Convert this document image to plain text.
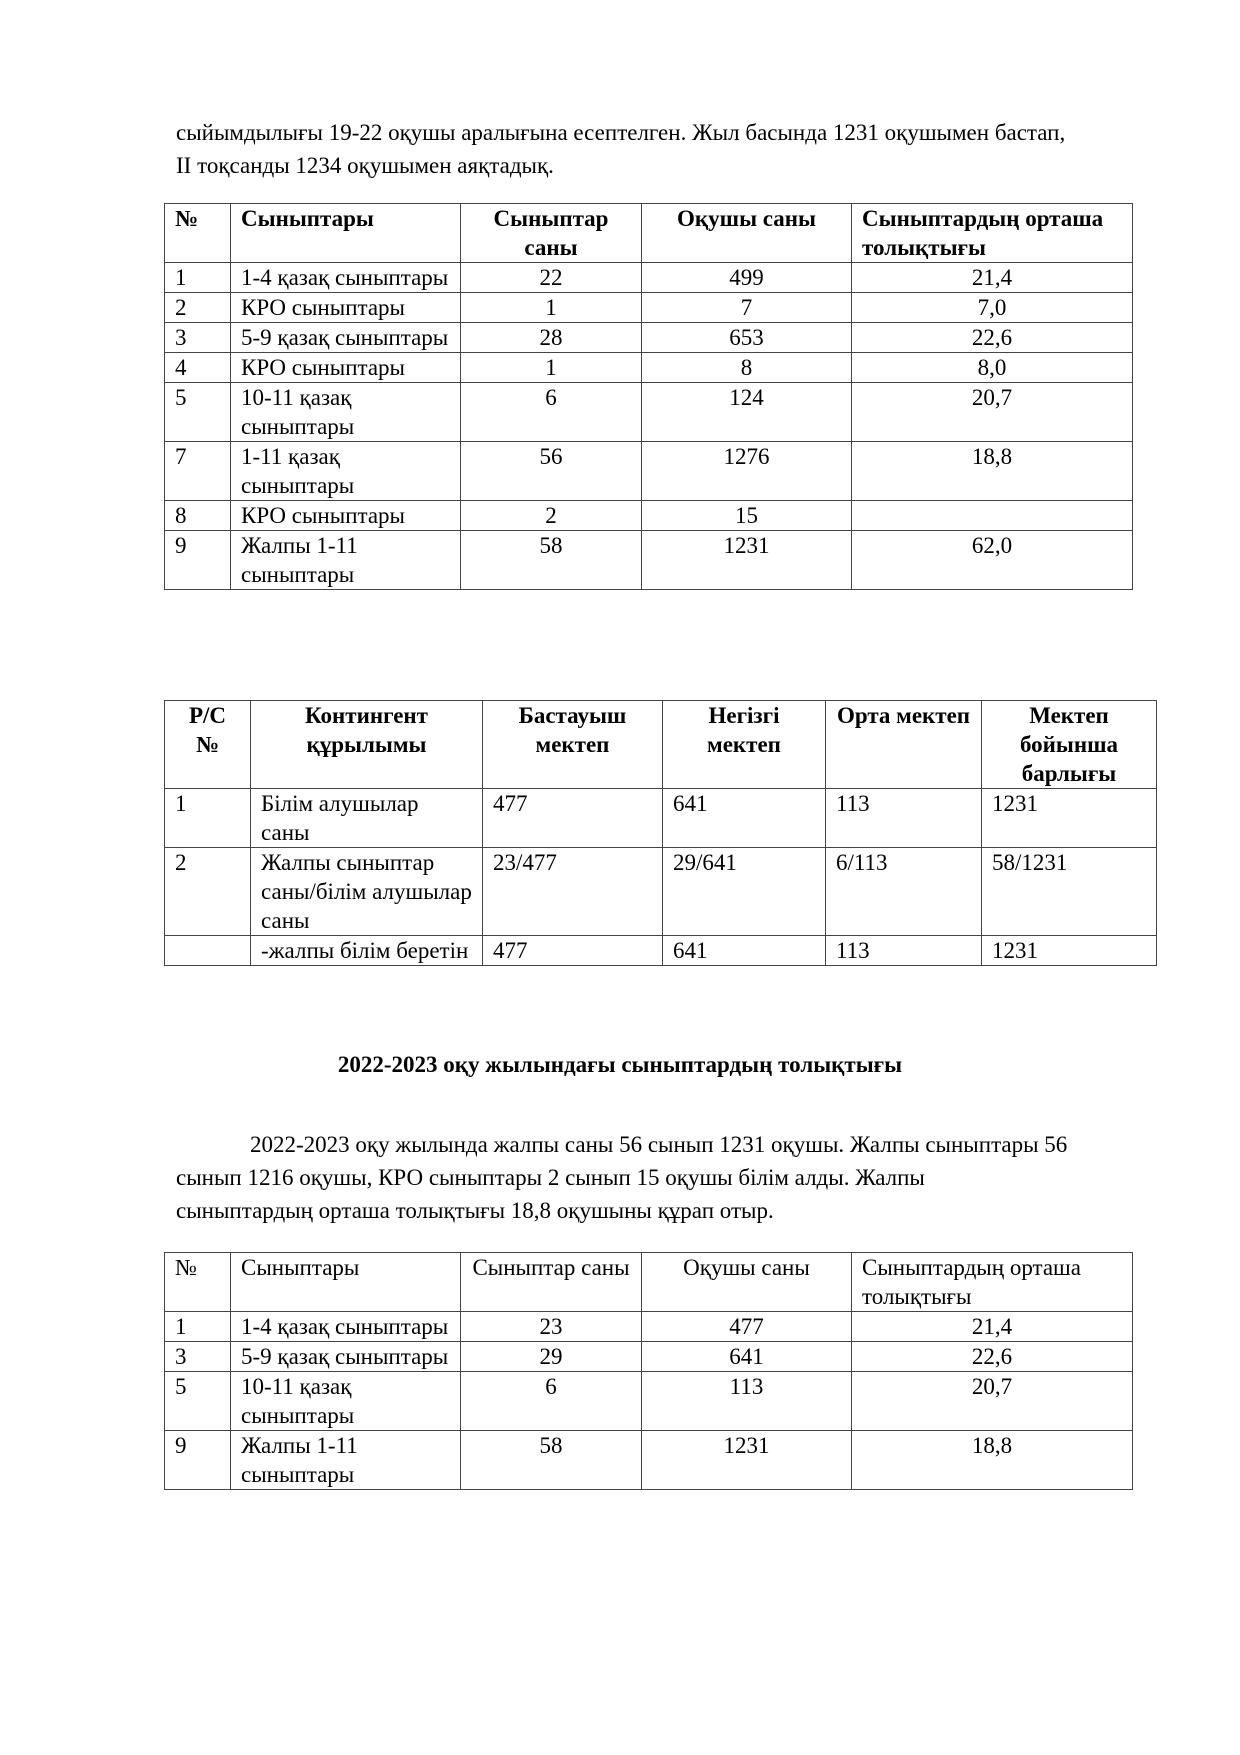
сыйымдылығы 19-22 оқушы аралығына есептелген. Жыл басында 1231 оқушымен бастап,

ІІ тоқсанды 1234 оқушымен аяқтадық.

№	Сыныптары	Сыныптар саны	Оқушы саны	Сыныптардың орташа толықтығы
1	1-4 қазақ сыныптары	22	499	21,4
2	КРО сыныптары	1	7	7,0
3	5-9 қазақ сыныптары	28	653	22,6
4	КРО сыныптары	1	8	8,0
5	10-11 қазақ сыныптары	6	124	20,7
7	1-11 қазақ сыныптары	56	1276	18,8
8	КРО сыныптары	2	15	
9	Жалпы 1-11 сыныптары	58	1231	62,0
Р/С №	Контингент құрылымы	Бастауыш мектеп	Негізгі мектеп	Орта мектеп	Мектеп бойынша барлығы
1	Білім алушылар саны	477	641	113	1231
2	Жалпы сыныптар саны/білім алушылар саны	23/477	29/641	6/113	58/1231
	-жалпы білім беретін	477	641	113	1231
2022-2023 оқу жылындағы сыныптардың толықтығы

2022-2023 оқу жылында жалпы саны 56 сынып 1231 оқушы. Жалпы сыныптары 56

сынып 1216 оқушы, КРО сыныптары 2 сынып 15 оқушы білім алды. Жалпы

сыныптардың орташа толықтығы 18,8 оқушыны құрап отыр.

№	Сыныптары	Сыныптар саны	Оқушы саны	Сыныптардың орташа толықтығы
1	1-4 қазақ сыныптары	23	477	21,4
3	5-9 қазақ сыныптары	29	641	22,6
5	10-11 қазақ сыныптары	6	113	20,7
9	Жалпы 1-11 сыныптары	58	1231	18,8
